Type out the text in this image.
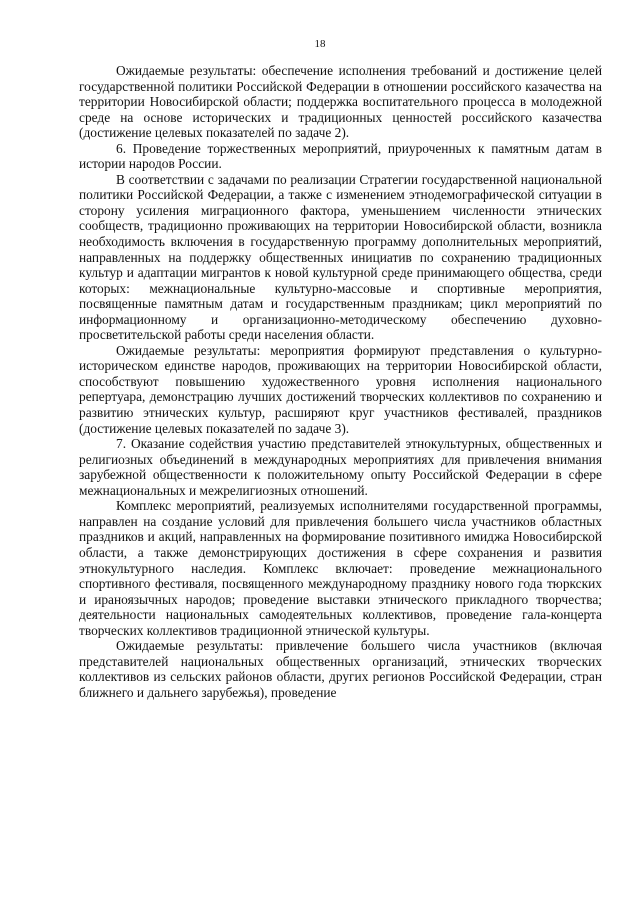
18

Ожидаемые результаты: обеспечение исполнения требований и достижение целей государственной политики Российской Федерации в отношении российского казачества на территории Новосибирской области; поддержка воспитательного процесса в молодежной среде на основе исторических и традиционных ценностей российского казачества (достижение целевых показателей по задаче 2).

6. Проведение торжественных мероприятий, приуроченных к памятным датам в истории народов России.

В соответствии с задачами по реализации Стратегии государственной национальной политики Российской Федерации, а также с изменением этнодемографической ситуации в сторону усиления миграционного фактора, уменьшением численности этнических сообществ, традиционно проживающих на территории Новосибирской области, возникла необходимость включения в государственную программу дополнительных мероприятий, направленных на поддержку общественных инициатив по сохранению традиционных культур и адаптации мигрантов к новой культурной среде принимающего общества, среди которых: межнациональные культурно-массовые и спортивные мероприятия, посвященные памятным датам и государственным праздникам; цикл мероприятий по информационному и организационно-методическому обеспечению духовно-просветительской работы среди населения области.

Ожидаемые результаты: мероприятия формируют представления о культурно-историческом единстве народов, проживающих на территории Новосибирской области, способствуют повышению художественного уровня исполнения национального репертуара, демонстрацию лучших достижений творческих коллективов по сохранению и развитию этнических культур, расширяют круг участников фестивалей, праздников (достижение целевых показателей по задаче 3).

7. Оказание содействия участию представителей этнокультурных, общественных и религиозных объединений в международных мероприятиях для привлечения внимания зарубежной общественности к положительному опыту Российской Федерации в сфере межнациональных и межрелигиозных отношений.

Комплекс мероприятий, реализуемых исполнителями государственной программы, направлен на создание условий для привлечения большего числа участников областных праздников и акций, направленных на формирование позитивного имиджа Новосибирской области, а также демонстрирующих достижения в сфере сохранения и развития этнокультурного наследия. Комплекс включает: проведение межнационального спортивного фестиваля, посвященного международному празднику нового года тюркских и ираноязычных народов; проведение выставки этнического прикладного творчества; деятельности национальных самодеятельных коллективов, проведение гала-концерта творческих коллективов традиционной этнической культуры.

Ожидаемые результаты: привлечение большего числа участников (включая представителей национальных общественных организаций, этнических творческих коллективов из сельских районов области, других регионов Российской Федерации, стран ближнего и дальнего зарубежья), проведение
